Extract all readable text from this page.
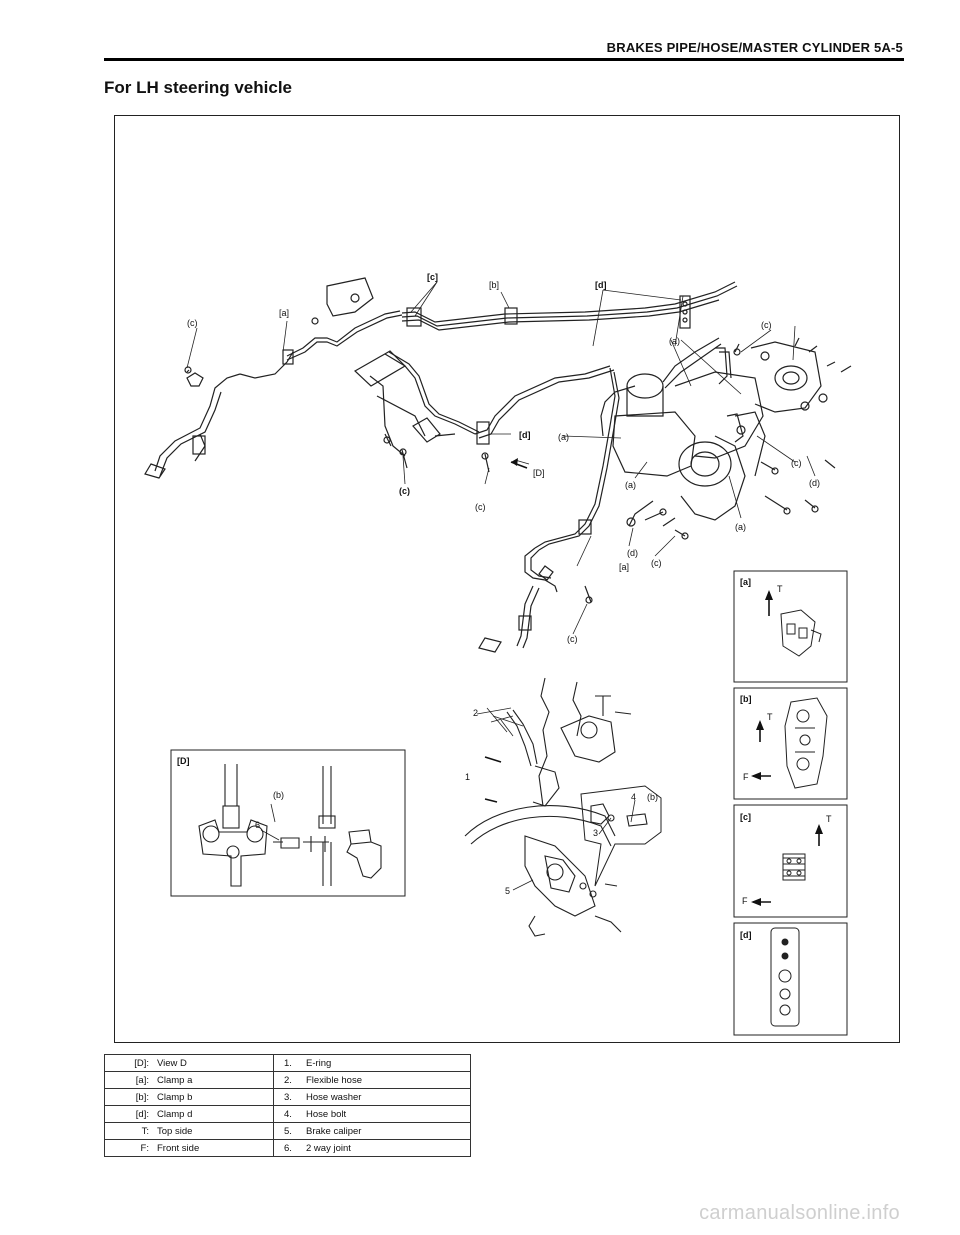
BRAKES PIPE/HOSE/MASTER CYLINDER 5A-5
For LH steering vehicle
(c)
[a]
[c]
[b]	[d]
(c)
(a)
(a)
[d]
[D]
(c)
(c)
(c)
(d)
(a)
(a)
(d)
(c)
[a]
(c)
[D]
(b)
6
2
1
3
4 (b)
5
[a]
T
[b]
T
F
[c]	T
F
[d]
[D]: View D	1. E-ring
[a]: Clamp a	2. Flexible hose
[b]: Clamp b	3. Hose washer
[d]: Clamp d	4. Hose bolt
T: Top side	5. Brake caliper
F: Front side	6. 2 way joint
carmanualsonline.info
